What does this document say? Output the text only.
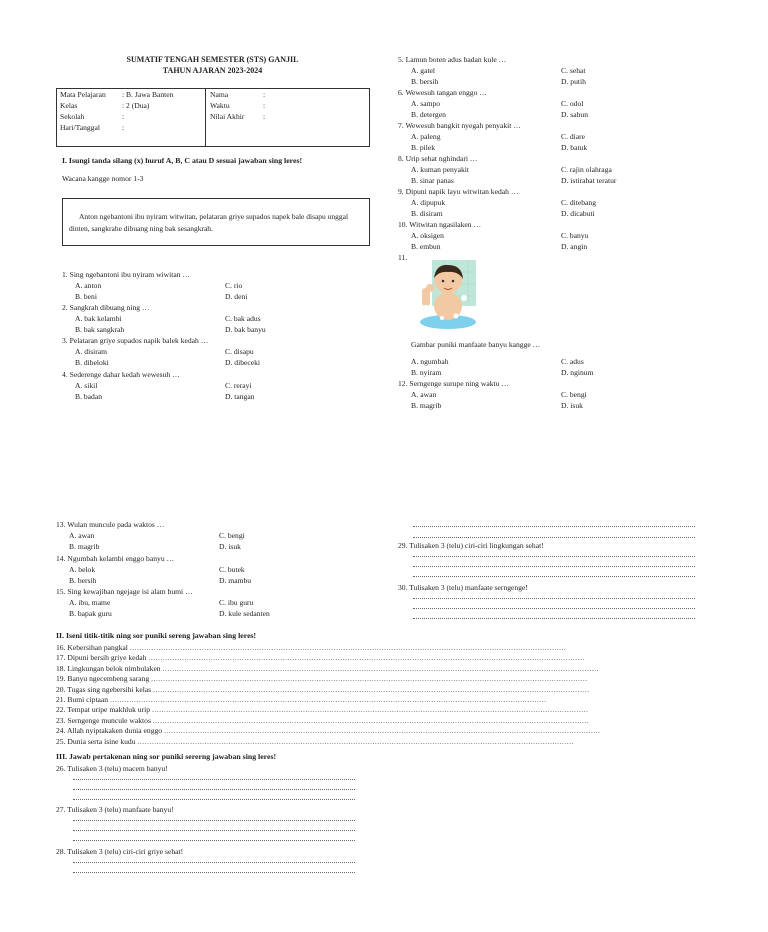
SUMATIF TENGAH SEMESTER (STS) GANJIL
TAHUN AJARAN 2023-2024
Mata Pelajaran : B. Jawa Banten
Kelas	: 2 (Dua)
Sekolah	:
Hari/Tanggal	:
Nama	:
Waktu	:
Nilai Akhir :
I. Isungi tanda silang (x) huruf A, B, C atau D sesuai jawaban sing leres!
Wacana kangge nomor 1-3
Anton ngebantoni ibu nyiram witwitan, pelataran griye supados napek bale disapu unggal dinten, sangkrahe dibuang ning bak sesangkrah.
1. Sing ngebantoni ibu nyiram wiwitan …
A. anton
B. beni
C. rio
D. deni
2. Sangkrah dibuang ning …
A. bak kelambi
B. bak sangkrah
C. bak adus
D. bak banyu
3. Pelataran griye supados napik balek kedah …
A. disiram
B. dibeloki
C. disapu
D. dibeceki
4. Sederenge dahar kedah wewesuh …
A. sikil
B. badan
C. rerayi
D. tangan
5. Lamun boten adus badan kule …
A. gatel
B. bersih
C. sehat
D. putih
6. Wewesuh tangan enggo …
A. sampo
B. detergen
C. odol
D. sabun
7. Wewesuh bangkit nyegah penyakit …
A. paleng
B. pilek
C. diare
D. batuk
8. Urip sehat nghindari …
A. kuman penyakit
B. sinar panas
C. rajin olahraga
D. istirahat teratur
9. Dipuni napik layu witwitan kedah …
A. dipupuk
B. disiram
C. ditebang
D. dicabuti
10. Witwitan ngasilaken …
A. oksigen
B. embun
C. banyu
D. angin
12. Serngenge surupe ning waktu …
A. awan
B. magrib
C. bengi
D. isuk
13. Wulan muncule pada waktos …
A. awan
B. magrib
C. bengi
D. isuk
14. Ngumbah kelambi enggo banyu …
A. belok
B. bersih
C. butek
D. mambu
15. Sing kewajiban ngejage isi alam bumi …
A. ibu, mame
B. bapak guru
C. ibu guru
D. kule sedanten
11.
Gambar puniki manfaate banyu kangge …
A. ngumbah
B. nyiram
C. adus
D. nginum
II. Iseni titik-titik ning sor puniki sereng jawaban sing leres!
16. Kebersihan pangkal ......................................................................................................................................................................................
17. Dipuni bersih griye kedah ......................................................................................................................................................................................
18. Lingkungan belok nimbulaken ......................................................................................................................................................................................
19. Banyu ngecembeng sarang ......................................................................................................................................................................................
20. Tugas sing ngebersihi kelas ......................................................................................................................................................................................
21. Bumi ciptaan ......................................................................................................................................................................................
22. Tempat uripe makhluk urip ......................................................................................................................................................................................
23. Serngenge muncule waktos ......................................................................................................................................................................................
24. Allah nyiptakaken dunia enggo ......................................................................................................................................................................................
25. Dunia serta isine kudu ......................................................................................................................................................................................
III. Jawab pertakenan ning sor puniki sererng jawaban sing leres!
26. Tulisaken 3 (telu) macem banyu!
27. Tulisaken 3 (telu) manfaate banyu!
28. Tulisaken 3 (telu) ciri-ciri griye sehat!
29. Tulisaken 3 (telu) ciri-ciri lingkungan sehat!
30. Tulisaken 3 (telu) manfaate serngenge!
